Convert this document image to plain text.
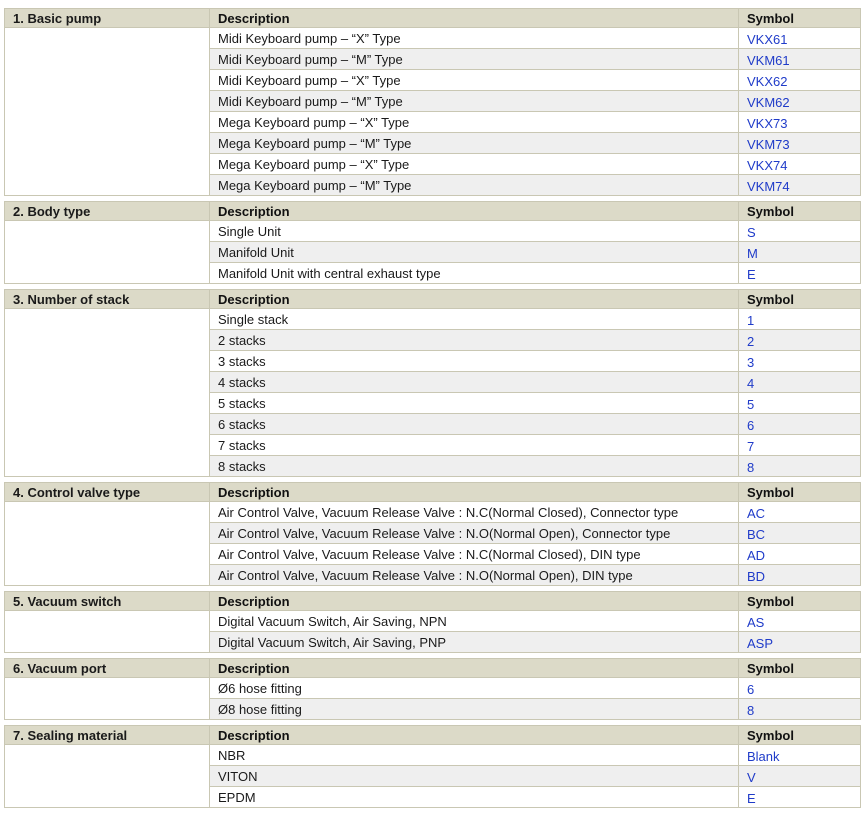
1. Basic pump	Description	Symbol
	Midi Keyboard pump – “X” Type	VKX61
	Midi Keyboard pump – “M” Type	VKM61
	Midi Keyboard pump – “X” Type	VKX62
	Midi Keyboard pump – “M” Type	VKM62
	Mega Keyboard pump – “X” Type	VKX73
	Mega Keyboard pump – “M” Type	VKM73
	Mega Keyboard pump – “X” Type	VKX74
	Mega Keyboard pump – “M” Type	VKM74
2. Body type	Description	Symbol
	Single Unit	S
	Manifold Unit	M
	Manifold Unit with central exhaust type	E
3. Number of stack	Description	Symbol
	Single stack	1
	2 stacks	2
	3 stacks	3
	4 stacks	4
	5 stacks	5
	6 stacks	6
	7 stacks	7
	8 stacks	8
4. Control valve type	Description	Symbol
	Air Control Valve, Vacuum Release Valve : N.C(Normal Closed), Connector type	AC
	Air Control Valve, Vacuum Release Valve : N.O(Normal Open), Connector type	BC
	Air Control Valve, Vacuum Release Valve : N.C(Normal Closed), DIN type	AD
	Air Control Valve, Vacuum Release Valve : N.O(Normal Open), DIN type	BD
5. Vacuum switch	Description	Symbol
	Digital Vacuum Switch, Air Saving, NPN	AS
	Digital Vacuum Switch, Air Saving, PNP	ASP
6. Vacuum port	Description	Symbol
	Ø6 hose fitting	6
	Ø8 hose fitting	8
7. Sealing material	Description	Symbol
	NBR	Blank
	VITON	V
	EPDM	E
